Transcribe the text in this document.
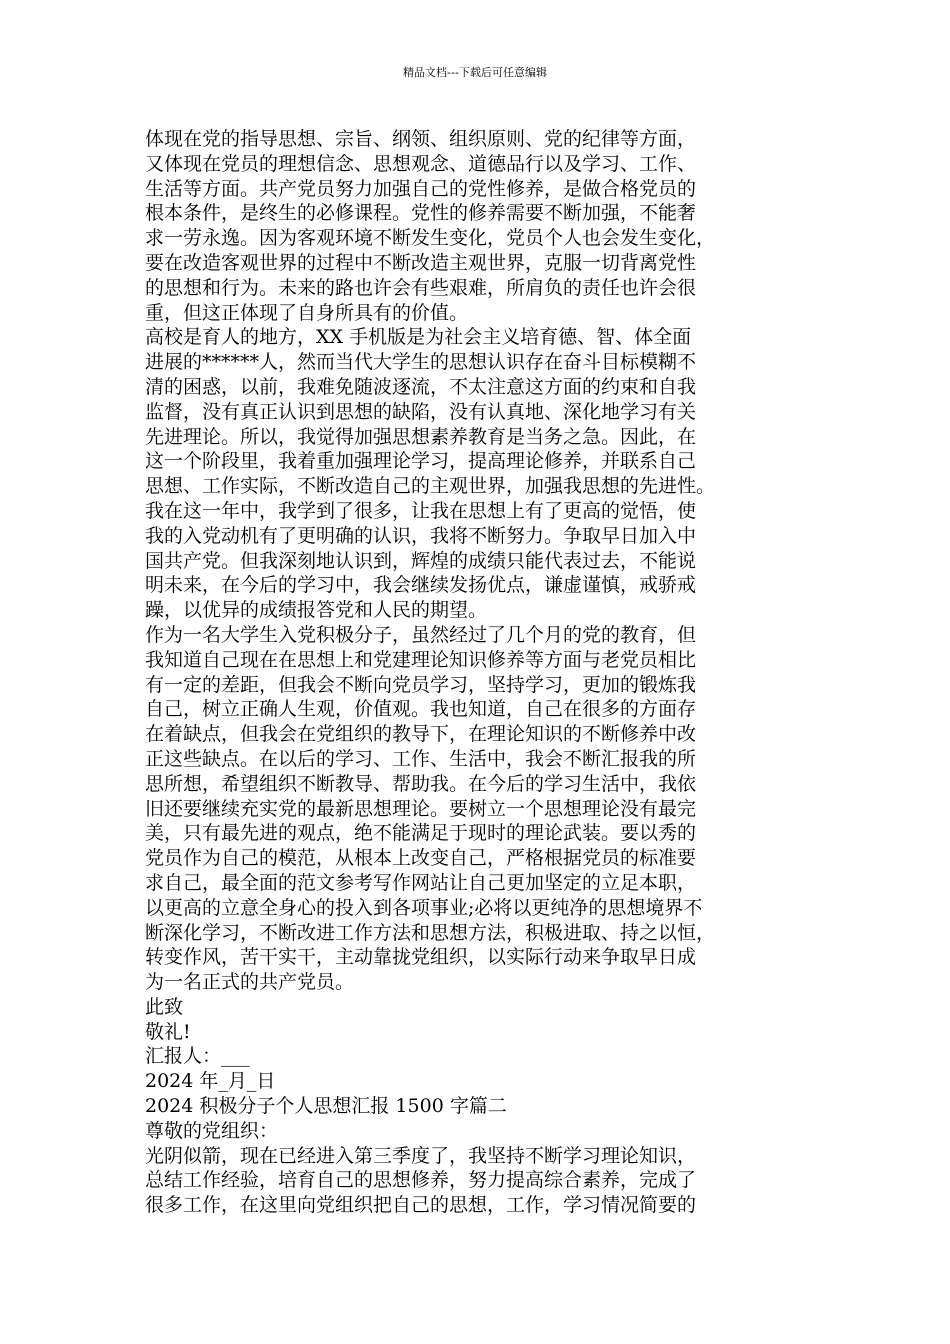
精品文档---下载后可任意编辑
体现在党的指导思想、宗旨、纲领、组织原则、党的纪律等方面，
又体现在党员的理想信念、思想观念、道德品行以及学习、工作、
生活等方面。共产党员努力加强自己的党性修养，是做合格党员的
根本条件，是终生的必修课程。党性的修养需要不断加强，不能奢
求一劳永逸。因为客观环境不断发生变化，党员个人也会发生变化，
要在改造客观世界的过程中不断改造主观世界，克服一切背离党性
的思想和行为。未来的路也许会有些艰难，所肩负的责任也许会很
重，但这正体现了自身所具有的价值。
高校是育人的地方，XX 手机版是为社会主义培育德、智、体全面
进展的******人，然而当代大学生的思想认识存在奋斗目标模糊不
清的困惑，以前，我难免随波逐流，不太注意这方面的约束和自我
监督，没有真正认识到思想的缺陷，没有认真地、深化地学习有关
先进理论。所以，我觉得加强思想素养教育是当务之急。因此，在
这一个阶段里，我着重加强理论学习，提高理论修养，并联系自己
思想、工作实际，不断改造自己的主观世界，加强我思想的先进性。
我在这一年中，我学到了很多，让我在思想上有了更高的觉悟，使
我的入党动机有了更明确的认识，我将不断努力。争取早日加入中
国共产党。但我深刻地认识到，辉煌的成绩只能代表过去，不能说
明未来，在今后的学习中，我会继续发扬优点，谦虚谨慎，戒骄戒
躁，以优异的成绩报答党和人民的期望。
作为一名大学生入党积极分子，虽然经过了几个月的党的教育，但
我知道自己现在在思想上和党建理论知识修养等方面与老党员相比
有一定的差距，但我会不断向党员学习，坚持学习，更加的锻炼我
自己，树立正确人生观，价值观。我也知道，自己在很多的方面存
在着缺点，但我会在党组织的教导下，在理论知识的不断修养中改
正这些缺点。在以后的学习、工作、生活中，我会不断汇报我的所
思所想，希望组织不断教导、帮助我。在今后的学习生活中，我依
旧还要继续充实党的最新思想理论。要树立一个思想理论没有最完
美，只有最先进的观点，绝不能满足于现时的理论武装。要以秀的
党员作为自己的模范，从根本上改变自己，严格根据党员的标准要
求自己，最全面的范文参考写作网站让自己更加坚定的立足本职，
以更高的立意全身心的投入到各项事业;必将以更纯净的思想境界不
断深化学习，不断改进工作方法和思想方法，积极进取、持之以恒，
转变作风，苦干实干，主动靠拢党组织，以实际行动来争取早日成
为一名正式的共产党员。
此致
敬礼!
汇报人：___
2024 年_月_日
2024 积极分子个人思想汇报 1500 字篇二
尊敬的党组织：
光阴似箭，现在已经进入第三季度了，我坚持不断学习理论知识，
总结工作经验，培育自己的思想修养，努力提高综合素养，完成了
很多工作，在这里向党组织把自己的思想，工作，学习情况简要的
